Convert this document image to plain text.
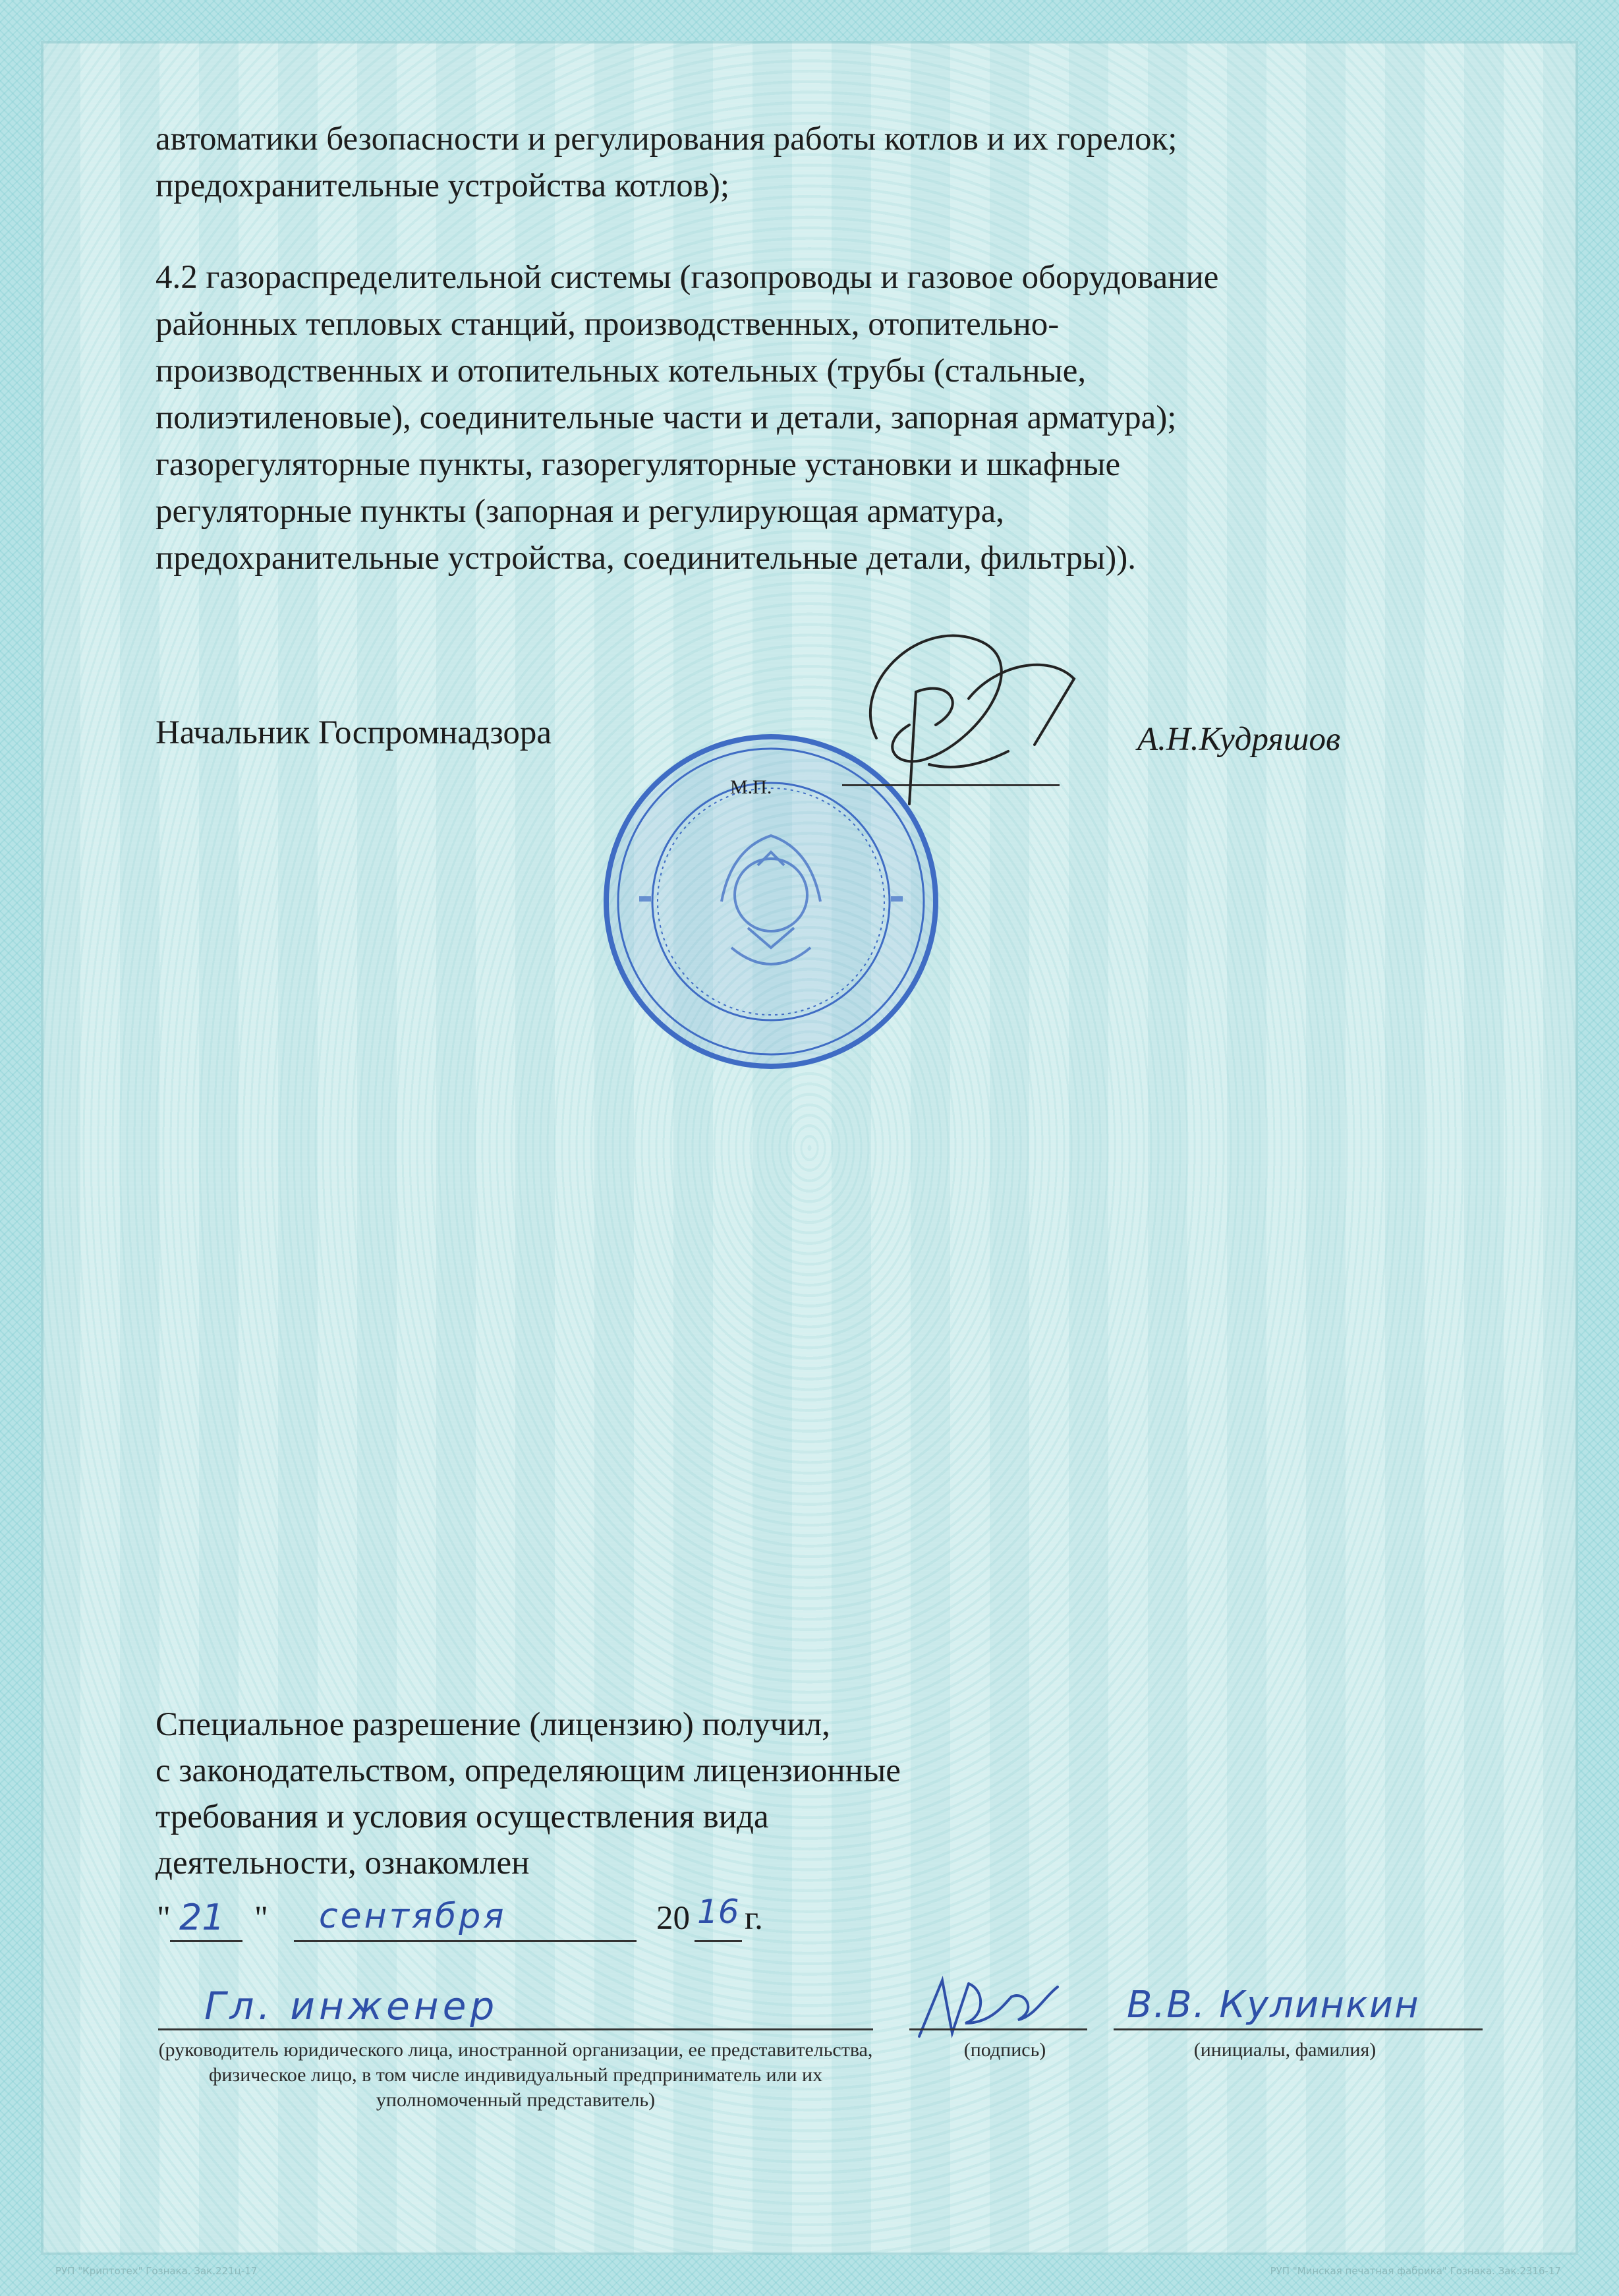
автоматики безопасности и регулирования работы котлов и их горелок;
предохранительные устройства котлов);
4.2 газораспределительной системы (газопроводы и газовое оборудование
районных тепловых станций, производственных, отопительно-
производственных и отопительных котельных (трубы (стальные,
полиэтиленовые), соединительные части и детали, запорная арматура);
газорегуляторные пункты, газорегуляторные установки и шкафные
регуляторные пункты (запорная и регулирующая арматура,
предохранительные устройства, соединительные детали, фильтры)).
Начальник Госпромнадзора
М.П.
А.Н.Кудряшов
Специальное разрешение (лицензию) получил,
с законодательством, определяющим лицензионные
требования и условия осуществления вида
деятельности, ознакомлен
" 21 " сентября	20 16 г.
Гл. инженер	В.В. Кулинкин
(руководитель юридического лица, иностранной организации, ее представительства, физическое лицо, в том числе индивидуальный предприниматель или их уполномоченный представитель)
(подпись)	(инициалы, фамилия)
РУП "Криптотех" Гознака. Зак.221ц-17	РУП "Минская печатная фабрика" Гознака. Зак.2316-17
